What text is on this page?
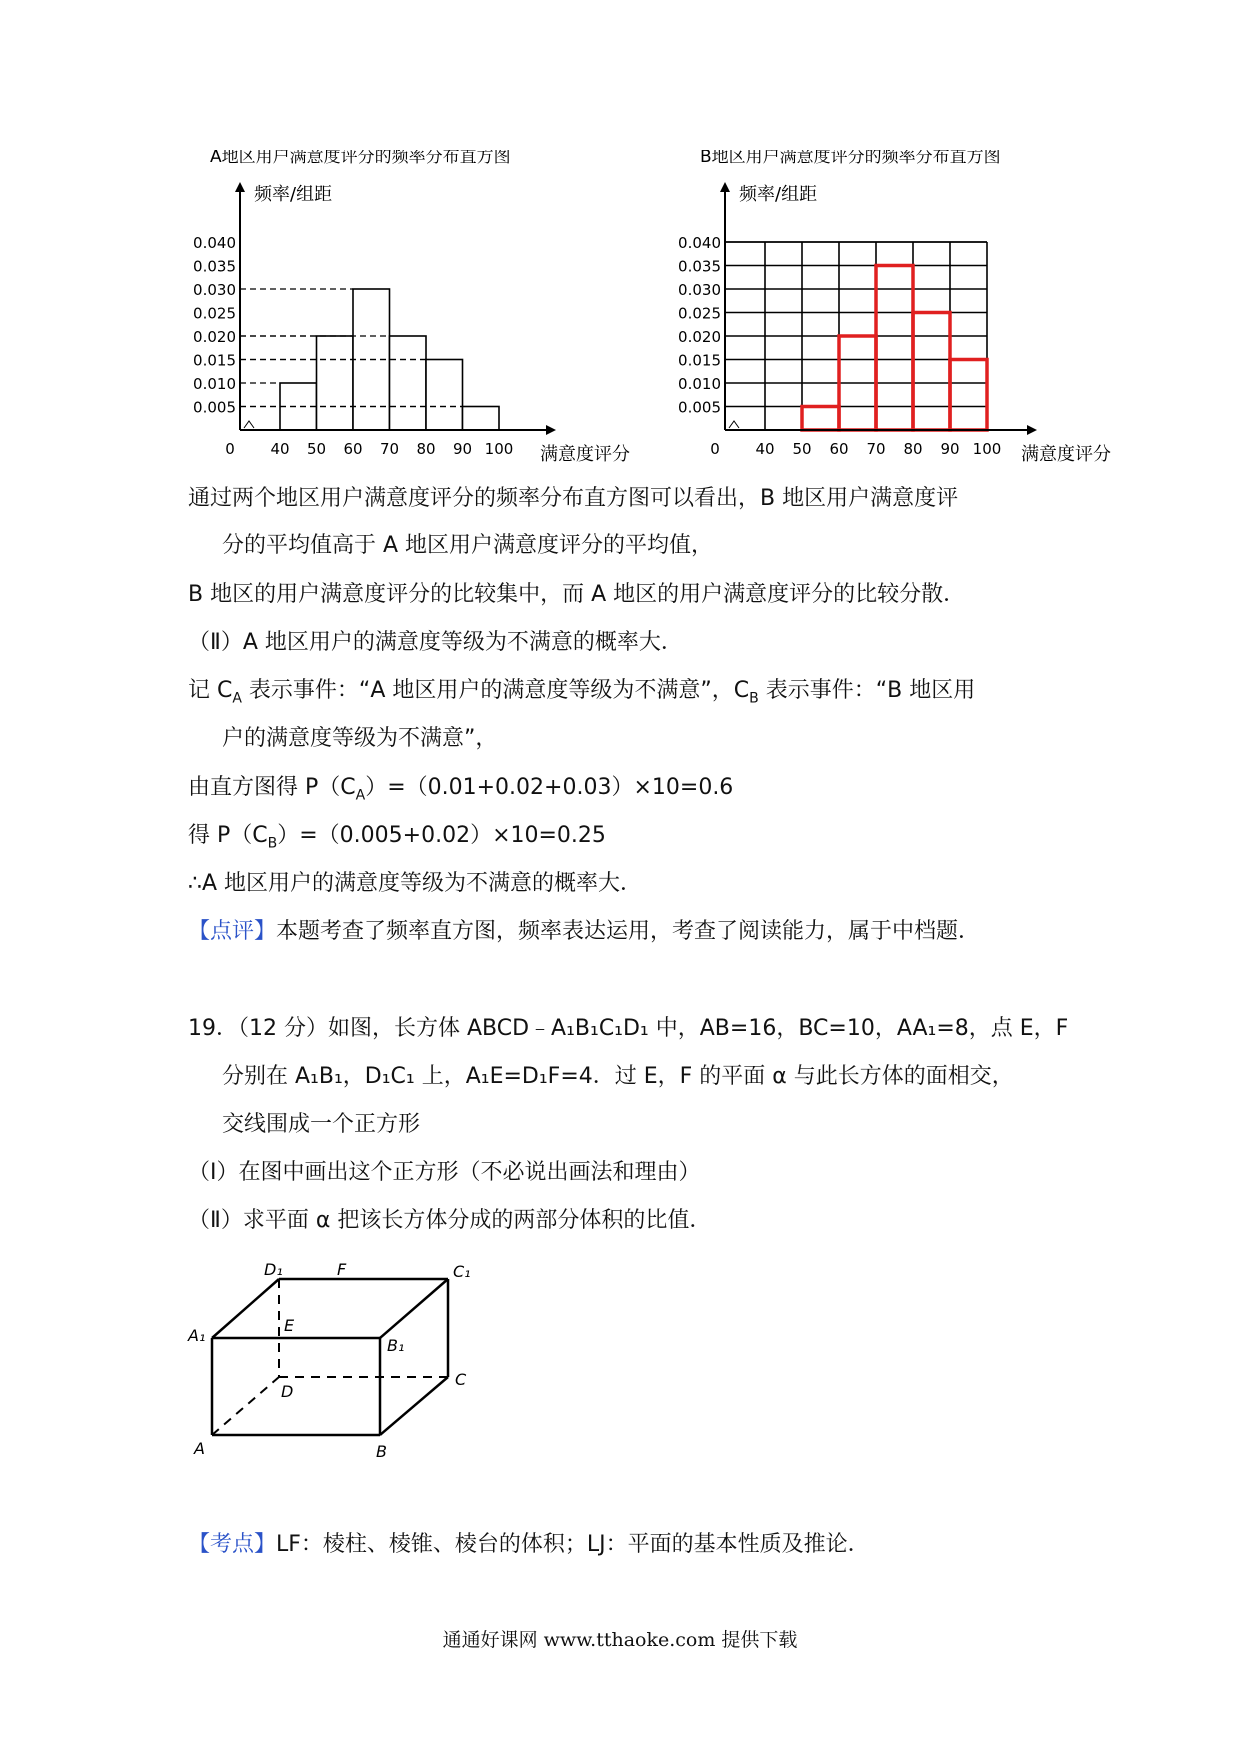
A地区用户满意度评分的频率分布直方图
频率/组距
0.005
0.010
0.015
0.020
0.025
0.030
0.035
0.040
0 40 50 60 70 80 90 100 满意度评分
B地区用户满意度评分的频率分布直方图
频率/组距
0.005
0.010
0.015
0.020
0.025
0.030
0.035
0.040
0 40 50 60 70 80 90 100 满意度评分
通过两个地区用户满意度评分的频率分布直方图可以看出，B 地区用户满意度评
分的平均值高于 A 地区用户满意度评分的平均值，
B 地区的用户满意度评分的比较集中，而 A 地区的用户满意度评分的比较分散．
（Ⅱ）A 地区用户的满意度等级为不满意的概率大．
记 $C_A$ 表示事件：“A 地区用户的满意度等级为不满意”，$C_B$ 表示事件：“B 地区用
户的满意度等级为不满意”，
由直方图得 $P(C_A)=(0.01+0.02+0.03)\times 10=0.6$
得 $P(C_B)=(0.005+0.02)\times 10=0.25$
∴A 地区用户的满意度等级为不满意的概率大．
【点评】本题考查了频率直方图，频率表达运用，考查了阅读能力，属于中档题．
19．（12 分）如图，长方体 ABCD﹣A₁B₁C₁D₁ 中，AB=16，BC=10，AA₁=8，点 E，F
分别在 A₁B₁，D₁C₁ 上，A₁E=D₁F=4．过 E，F 的平面 α 与此长方体的面相交，
交线围成一个正方形
（Ⅰ）在图中画出这个正方形（不必说出画法和理由）
（Ⅱ）求平面 α 把该长方体分成的两部分体积的比值．
D₁	F	C₁
A₁
E
B₁
D
C
A	B
【考点】LF：棱柱、棱锥、棱台的体积；LJ：平面的基本性质及推论．
通通好课网 www.tthaoke.com 提供下载
